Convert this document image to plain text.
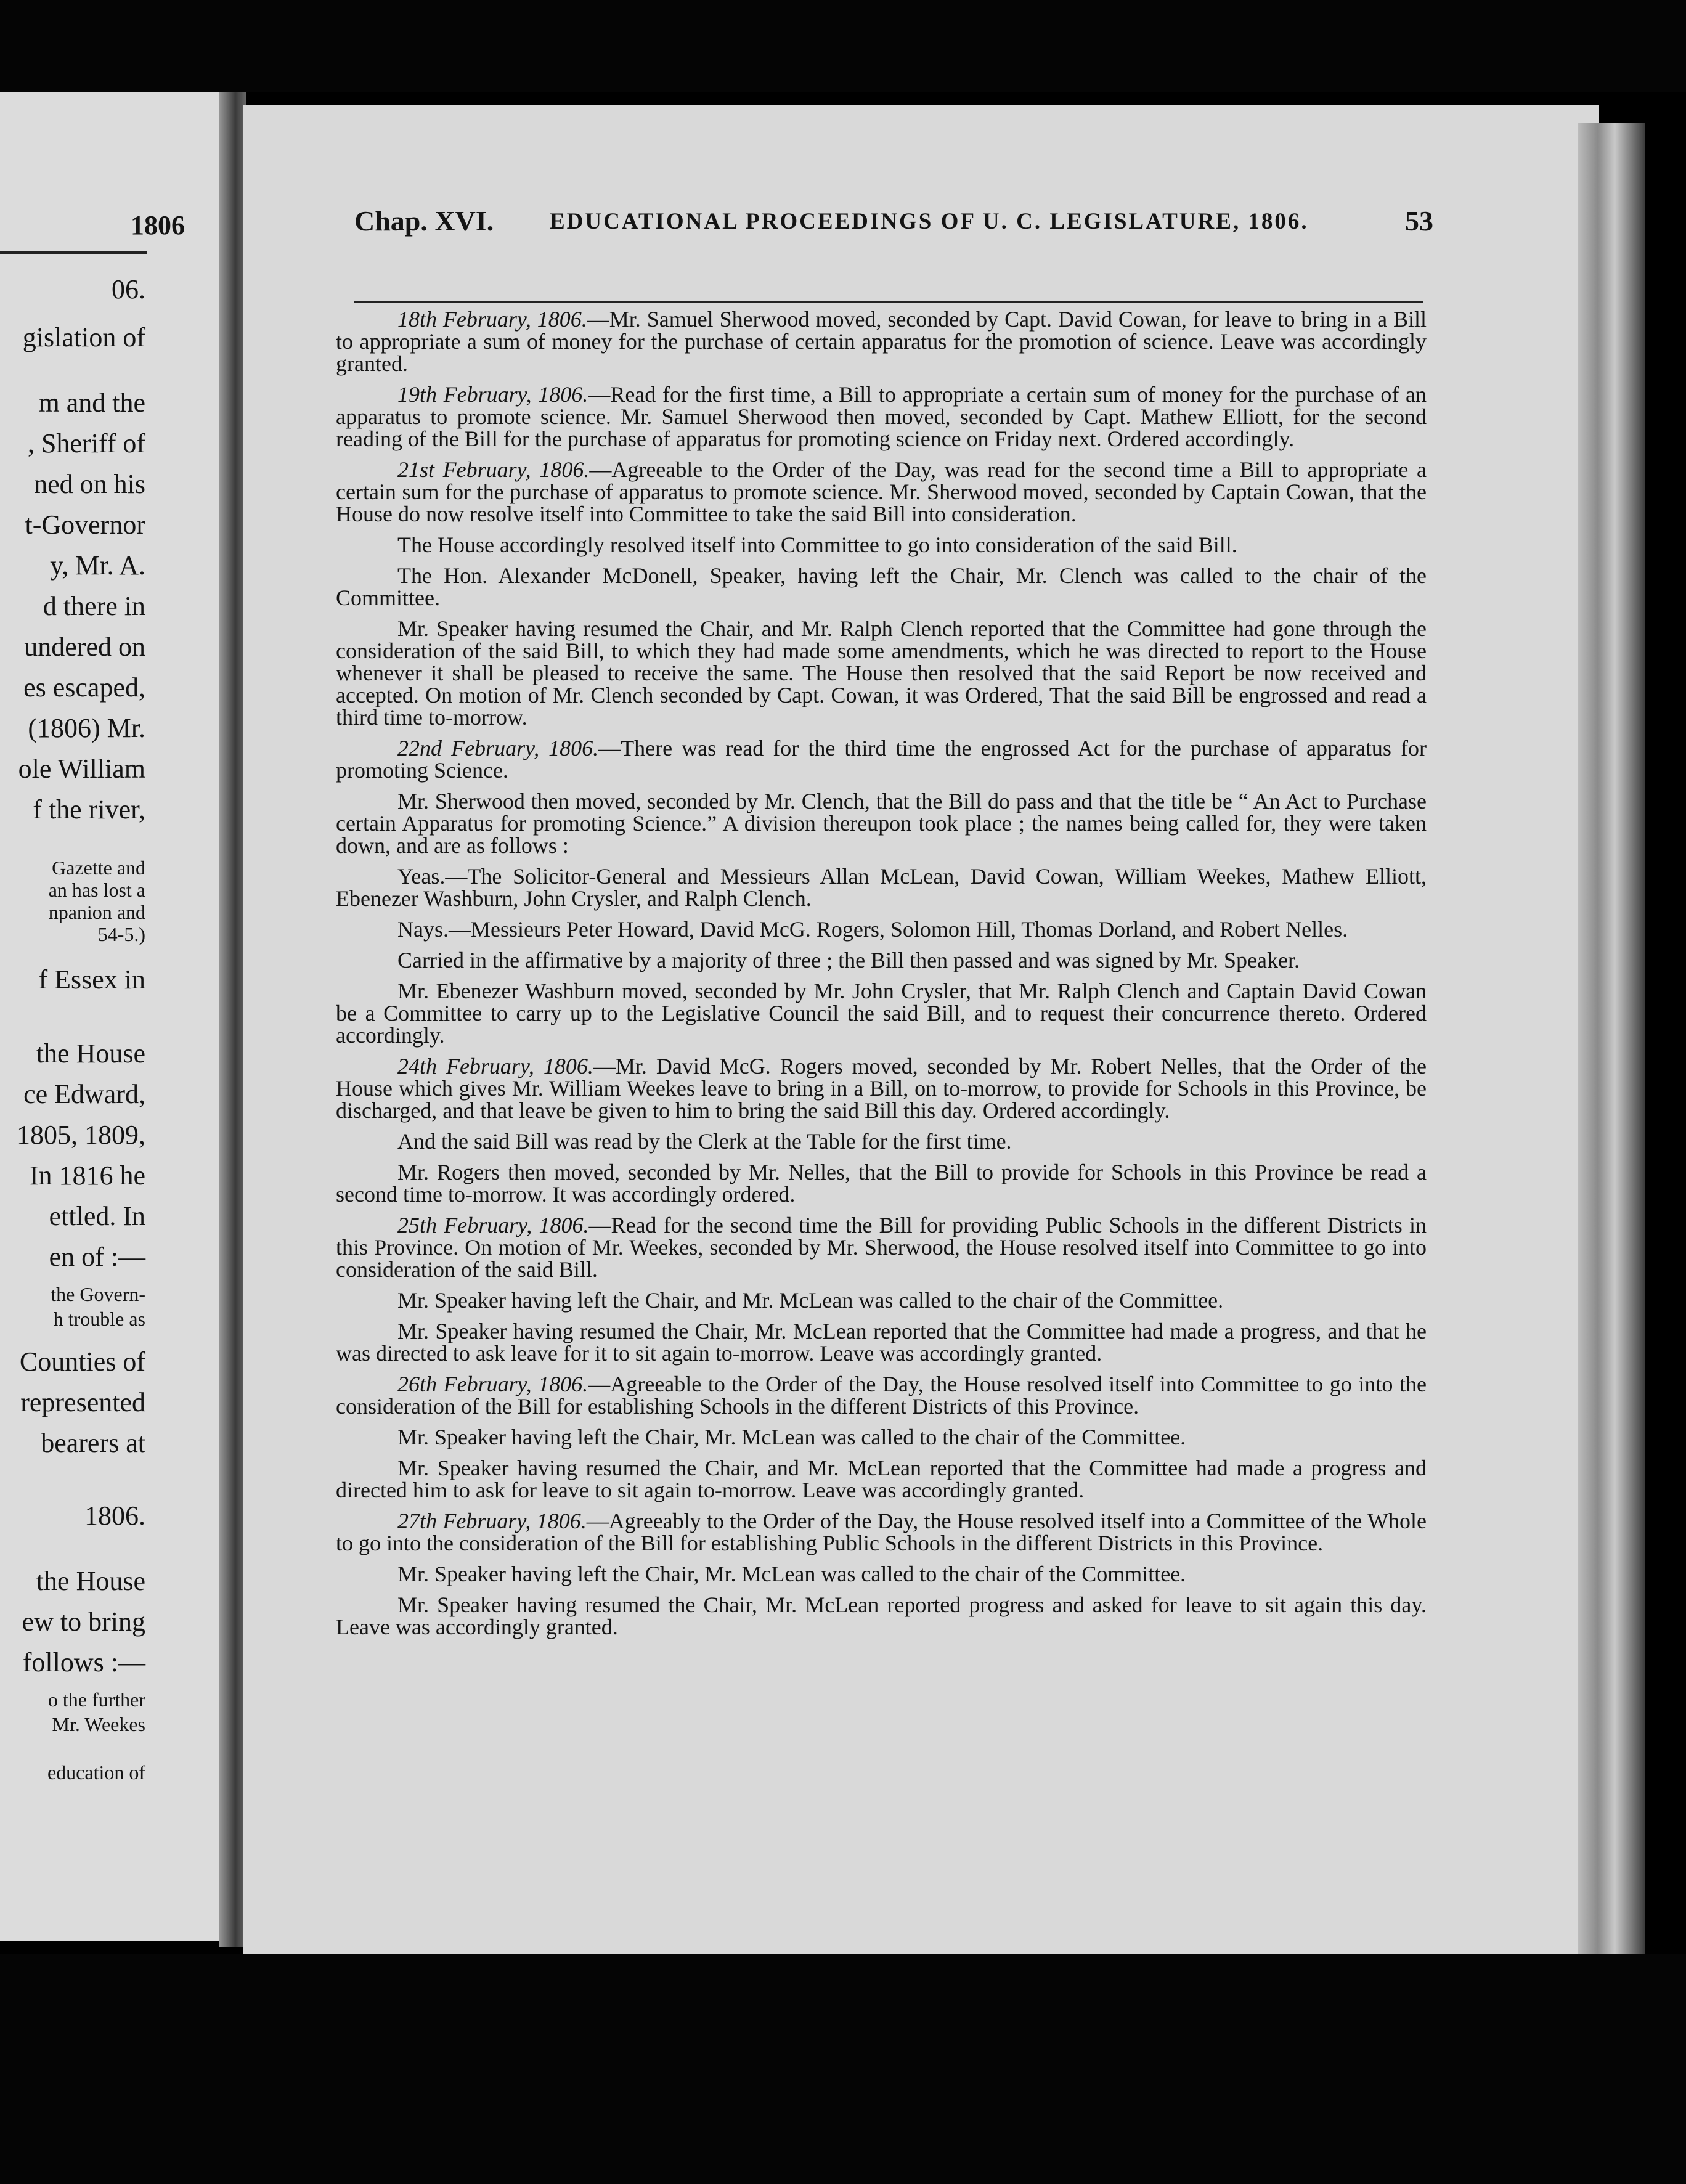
1806
06.
gislation of
m and the
, Sheriff of
ned on his
t-Governor
y, Mr. A.
d there in
undered on
es escaped,
(1806) Mr.
ole William
f the river,
Gazette and
an has lost a
npanion and
54-5.)
f Essex in
the House
ce Edward,
1805, 1809,
In 1816 he
ettled. In
en of :—
the Govern-
h trouble as
Counties of
represented
bearers at
1806.
the House
ew to bring
follows :—
o the further
Mr. Weekes
education of
Chap. XVI. EDUCATIONAL PROCEEDINGS OF U. C. LEGISLATURE, 1806.	53

18th February, 1806.—Mr. Samuel Sherwood moved, seconded by Capt. David Cowan, for leave to bring in a Bill to appropriate a sum of money for the purchase of certain apparatus for the promotion of science. Leave was accordingly granted.

19th February, 1806.—Read for the first time, a Bill to appropriate a certain sum of money for the purchase of an apparatus to promote science. Mr. Samuel Sherwood then moved, seconded by Capt. Mathew Elliott, for the second reading of the Bill for the purchase of apparatus for promoting science on Friday next. Ordered accordingly.

21st February, 1806.—Agreeable to the Order of the Day, was read for the second time a Bill to appropriate a certain sum for the purchase of apparatus to promote science. Mr. Sherwood moved, seconded by Captain Cowan, that the House do now resolve itself into Committee to take the said Bill into consideration.

The House accordingly resolved itself into Committee to go into consideration of the said Bill.

The Hon. Alexander McDonell, Speaker, having left the Chair, Mr. Clench was called to the chair of the Committee.

Mr. Speaker having resumed the Chair, and Mr. Ralph Clench reported that the Committee had gone through the consideration of the said Bill, to which they had made some amendments, which he was directed to report to the House whenever it shall be pleased to receive the same. The House then resolved that the said Report be now received and accepted. On motion of Mr. Clench seconded by Capt. Cowan, it was Ordered, That the said Bill be engrossed and read a third time to-morrow.

22nd February, 1806.—There was read for the third time the engrossed Act for the purchase of apparatus for promoting Science.

Mr. Sherwood then moved, seconded by Mr. Clench, that the Bill do pass and that the title be “ An Act to Purchase certain Apparatus for promoting Science.” A division thereupon took place ; the names being called for, they were taken down, and are as follows :

Yeas.—The Solicitor-General and Messieurs Allan McLean, David Cowan, William Weekes, Mathew Elliott, Ebenezer Washburn, John Crysler, and Ralph Clench.

Nays.—Messieurs Peter Howard, David McG. Rogers, Solomon Hill, Thomas Dorland, and Robert Nelles.

Carried in the affirmative by a majority of three ; the Bill then passed and was signed by Mr. Speaker.

Mr. Ebenezer Washburn moved, seconded by Mr. John Crysler, that Mr. Ralph Clench and Captain David Cowan be a Committee to carry up to the Legislative Council the said Bill, and to request their concurrence thereto. Ordered accordingly.

24th February, 1806.—Mr. David McG. Rogers moved, seconded by Mr. Robert Nelles, that the Order of the House which gives Mr. William Weekes leave to bring in a Bill, on to-morrow, to provide for Schools in this Province, be discharged, and that leave be given to him to bring the said Bill this day. Ordered accordingly.

And the said Bill was read by the Clerk at the Table for the first time.

Mr. Rogers then moved, seconded by Mr. Nelles, that the Bill to provide for Schools in this Province be read a second time to-morrow. It was accordingly ordered.

25th February, 1806.—Read for the second time the Bill for providing Public Schools in the different Districts in this Province. On motion of Mr. Weekes, seconded by Mr. Sherwood, the House resolved itself into Committee to go into consideration of the said Bill.

Mr. Speaker having left the Chair, and Mr. McLean was called to the chair of the Committee.

Mr. Speaker having resumed the Chair, Mr. McLean reported that the Committee had made a progress, and that he was directed to ask leave for it to sit again to-morrow. Leave was accordingly granted.

26th February, 1806.—Agreeable to the Order of the Day, the House resolved itself into Committee to go into the consideration of the Bill for establishing Schools in the different Districts of this Province.

Mr. Speaker having left the Chair, Mr. McLean was called to the chair of the Committee.

Mr. Speaker having resumed the Chair, and Mr. McLean reported that the Committee had made a progress and directed him to ask for leave to sit again to-morrow. Leave was accordingly granted.

27th February, 1806.—Agreeably to the Order of the Day, the House resolved itself into a Committee of the Whole to go into the consideration of the Bill for establishing Public Schools in the different Districts in this Province.

Mr. Speaker having left the Chair, Mr. McLean was called to the chair of the Committee.

Mr. Speaker having resumed the Chair, Mr. McLean reported progress and asked for leave to sit again this day. Leave was accordingly granted.
